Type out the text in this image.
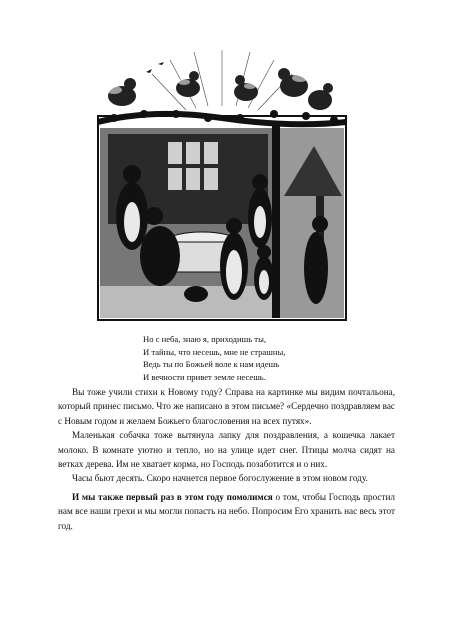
Но с неба, знаю я, приходишь ты,
И тайны, что несешь, мне не страшны,
Ведь ты по Божьей воле к нам идешь
И вечности привет земле несешь.

Вы тоже учили стихи к Новому году? Справа на картинке мы видим почтальона, который принес письмо. Что же написано в этом письме? «Сердечно поздравляем вас с Новым годом и желаем Божьего благословения на всех путях».

Маленькая собачка тоже вытянула лапку для поздравления, а кошечка лакает молоко. В комнате уютно и тепло, но на улице идет снег. Птицы молча сидят на ветках дерева. Им не хватает корма, но Господь позаботится и о них.

Часы бьют десять. Скоро начнется первое богослужение в этом новом году.

И мы также первый раз в этом году помолимся о том, чтобы Господь простил нам все наши грехи и мы могли попасть на небо. Попросим Его хранить нас весь этот год.
